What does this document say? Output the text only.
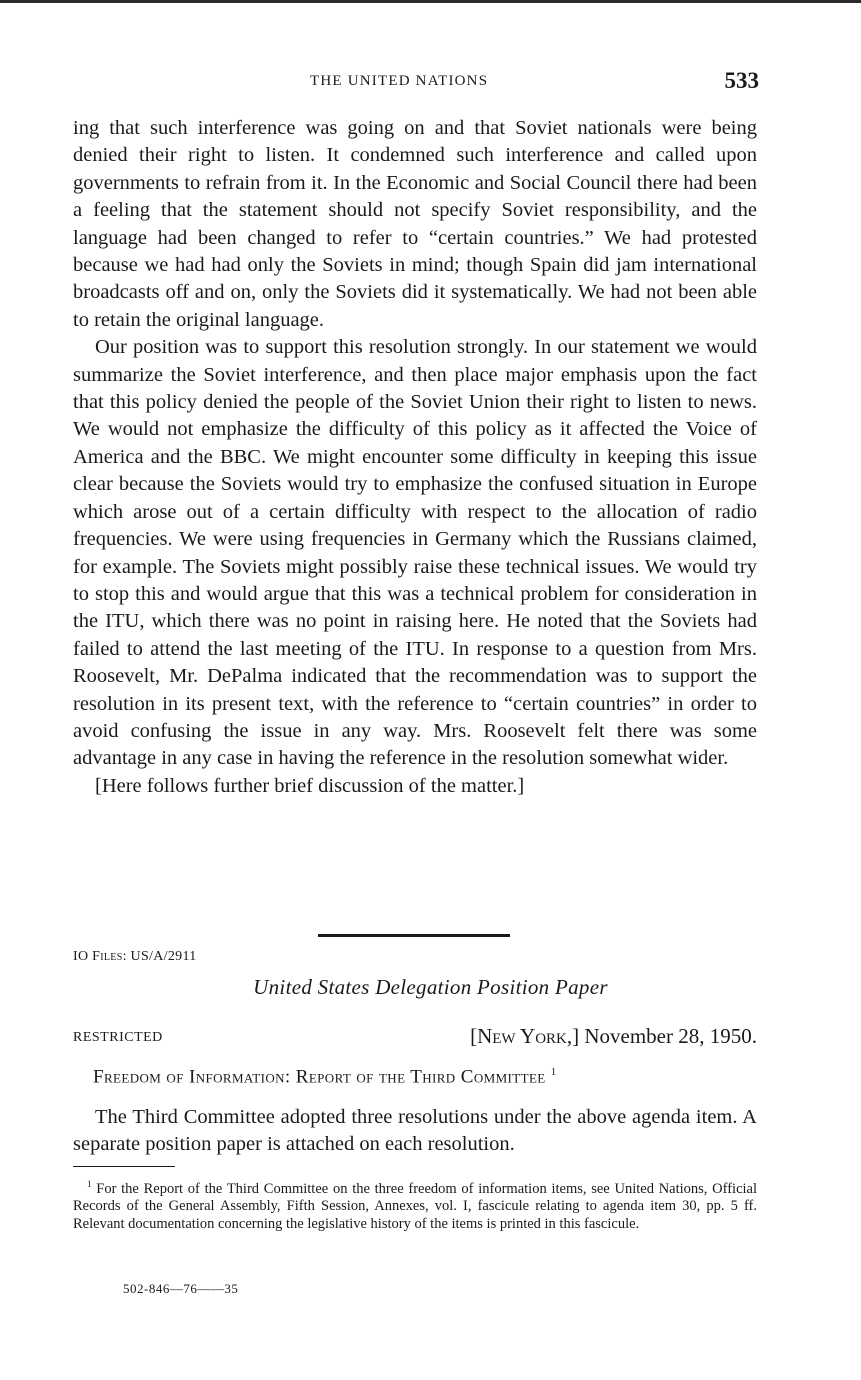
THE UNITED NATIONS	533

ing that such interference was going on and that Soviet nationals were being denied their right to listen. It condemned such interference and called upon governments to refrain from it. In the Economic and Social Council there had been a feeling that the statement should not specify Soviet responsibility, and the language had been changed to refer to “certain countries.” We had protested because we had had only the Soviets in mind; though Spain did jam international broadcasts off and on, only the Soviets did it systematically. We had not been able to retain the original language.

Our position was to support this resolution strongly. In our statement we would summarize the Soviet interference, and then place major emphasis upon the fact that this policy denied the people of the Soviet Union their right to listen to news. We would not emphasize the difficulty of this policy as it affected the Voice of America and the BBC. We might encounter some difficulty in keeping this issue clear because the Soviets would try to emphasize the confused situation in Europe which arose out of a certain difficulty with respect to the allocation of radio frequencies. We were using frequencies in Germany which the Russians claimed, for example. The Soviets might possibly raise these technical issues. We would try to stop this and would argue that this was a technical problem for consideration in the ITU, which there was no point in raising here. He noted that the Soviets had failed to attend the last meeting of the ITU. In response to a question from Mrs. Roosevelt, Mr. DePalma indicated that the recommendation was to support the resolution in its present text, with the reference to “certain countries” in order to avoid confusing the issue in any way. Mrs. Roosevelt felt there was some advantage in any case in having the reference in the resolution somewhat wider.

[Here follows further brief discussion of the matter.]

IO Files: US/A/2911
United States Delegation Position Paper
RESTRICTED	[New York,] November 28, 1950.
Freedom of Information: Report of the Third Committee $^1$
The Third Committee adopted three resolutions under the above agenda item. A separate position paper is attached on each resolution.
$^1$ For the Report of the Third Committee on the three freedom of information items, see United Nations, Official Records of the General Assembly, Fifth Session, Annexes, vol. I, fascicule relating to agenda item 30, pp. 5 ff. Relevant documentation concerning the legislative history of the items is printed in this fascicule.
502-846—76——35
